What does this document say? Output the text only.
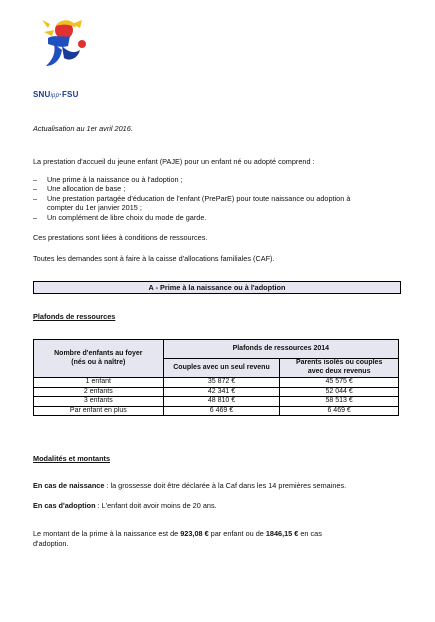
SNUipp·FSU
Actualisation au 1er avril 2016.
La prestation d'accueil du jeune enfant (PAJE) pour un enfant né ou adopté comprend :
– Une prime à la naissance ou à l'adoption ;
– Une allocation de base ;
– Une prestation partagée d'éducation de l'enfant (PreParE) pour toute naissance ou adoption à
compter du 1er janvier 2015 ;
– Un complément de libre choix du mode de garde.
Ces prestations sont liées à conditions de ressources.
Toutes les demandes sont à faire à la caisse d'allocations familiales (CAF).
A - Prime à la naissance ou à l'adoption
Plafonds de ressources
Nombre d'enfants au foyer
(nés ou à naître)	Plafonds de ressources 2014	
	Couples avec un seul revenu	Parents isolés ou couples
avec deux revenus

1 enfant	35 872 €	45 575 €
2 enfants	42 341 €	52 044 €
3 enfants	48 810 €	58 513 €
Par enfant en plus	6 469 €	6 469 €
Modalités et montants
En cas de naissance : la grossesse doit être déclarée à la Caf dans les 14 premières semaines.
En cas d'adoption : L'enfant doit avoir moins de 20 ans.
Le montant de la prime à la naissance est de 923,08 € par enfant ou de 1846,15 € en cas
d'adoption.
